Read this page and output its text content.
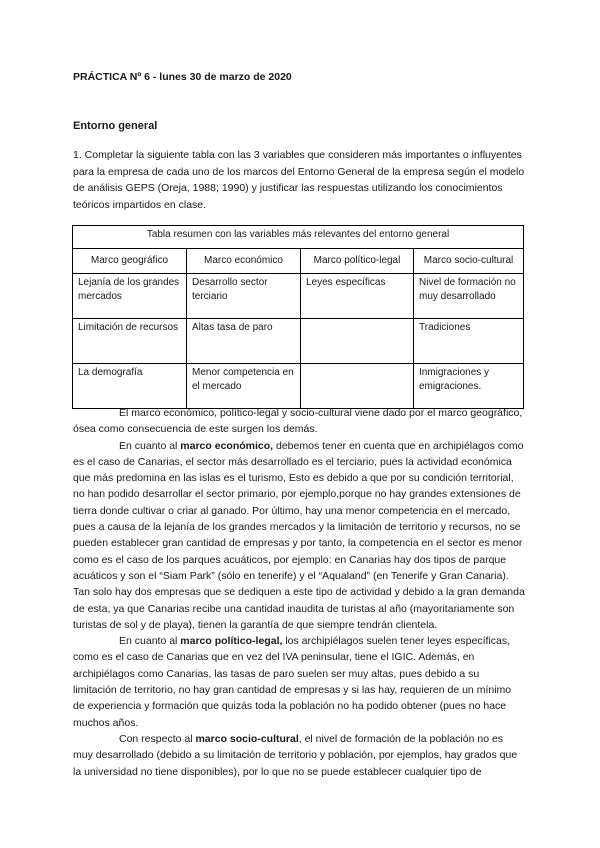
PRÁCTICA Nº 6 - lunes 30 de marzo de 2020
Entorno general

1. Completar la siguiente tabla con las 3 variables que consideren más importantes o influyentes para la empresa de cada uno de los marcos del Entorno General de la empresa según el modelo de análisis GEPS (Oreja, 1988; 1990) y justificar las respuestas utilizando los conocimientos teóricos impartidos en clase.

Tabla resumen con las variables más relevantes del entorno general			
Marco geográfico	Marco económico	Marco político-legal	Marco socio-cultural
Lejanía de los grandes mercados	Desarrollo sector terciario	Leyes específicas	Nivel de formación no muy desarrollado
Limitación de recursos	Altas tasa de paro		Tradiciones
La demografía	Menor competencia en el mercado		Inmigraciones y emigraciones.

El marco económico, político-legal y socio-cultural viene dado por el marco geográfico, ósea como consecuencia de este surgen los demás.

En cuanto al marco económico, debemos tener en cuenta que en archipiélagos como es el caso de Canarias, el sector más desarrollado es el terciario, pues la actividad económica que más predomina en las islas es el turismo, Esto es debido a que por su condición territorial, no han podido desarrollar el sector primario, por ejemplo,porque no hay grandes extensiones de tierra donde cultivar o criar al ganado. Por último, hay una menor competencia en el mercado, pues a causa de la lejanía de los grandes mercados y la limitación de territorio y recursos, no se pueden establecer gran cantidad de empresas y por tanto, la competencia en el sector es menor como es el caso de los parques acuáticos, por ejemplo: en Canarias hay dos tipos de parque acuáticos y son el “Siam Park” (sólo en tenerife) y el “Aqualand” (en Tenerife y Gran Canaria). Tan solo hay dos empresas que se dediquen a este tipo de actividad y debido a la gran demanda de esta, ya que Canarias recibe una cantidad inaudita de turistas al año (mayoritariamente son turistas de sol y de playa), tienen la garantía de que siempre tendrán clientela.

En cuanto al marco político-legal, los archipiélagos suelen tener leyes específicas, como es el caso de Canarias que en vez del IVA peninsular, tiene el IGIC. Además, en archipiélagos como Canarias, las tasas de paro suelen ser muy altas, pues debido a su limitación de territorio, no hay gran cantidad de empresas y si las hay, requieren de un mínimo de experiencia y formación que quizás toda la población no ha podido obtener (pues no hace muchos años.

Con respecto al marco socio-cultural, el nivel de formación de la población no es muy desarrollado (debido a su limitación de territorio y población, por ejemplos, hay grados que la universidad no tiene disponibles), por lo que no se puede establecer cualquier tipo de
